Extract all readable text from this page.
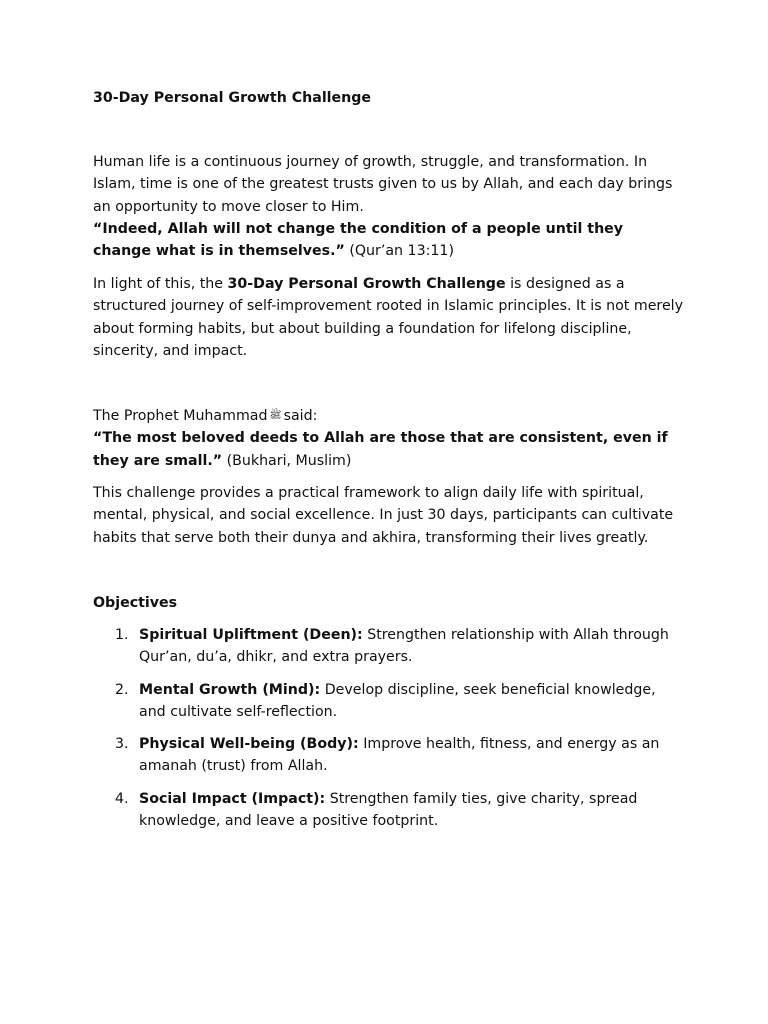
30-Day Personal Growth Challenge

Human life is a continuous journey of growth, struggle, and transformation. In Islam, time is one of the greatest trusts given to us by Allah, and each day brings an opportunity to move closer to Him.
“Indeed, Allah will not change the condition of a people until they change what is in themselves.” (Qur’an 13:11)

In light of this, the 30-Day Personal Growth Challenge is designed as a structured journey of self-improvement rooted in Islamic principles. It is not merely about forming habits, but about building a foundation for lifelong discipline, sincerity, and impact.

The Prophet Muhammad ﷺ said:
“The most beloved deeds to Allah are those that are consistent, even if they are small.” (Bukhari, Muslim)

This challenge provides a practical framework to align daily life with spiritual, mental, physical, and social excellence. In just 30 days, participants can cultivate habits that serve both their dunya and akhira, transforming their lives greatly.

Objectives
1. Spiritual Upliftment (Deen): Strengthen relationship with Allah through Qur’an, du’a, dhikr, and extra prayers.
2. Mental Growth (Mind): Develop discipline, seek beneficial knowledge, and cultivate self-reflection.
3. Physical Well-being (Body): Improve health, fitness, and energy as an amanah (trust) from Allah.
4. Social Impact (Impact): Strengthen family ties, give charity, spread knowledge, and leave a positive footprint.
